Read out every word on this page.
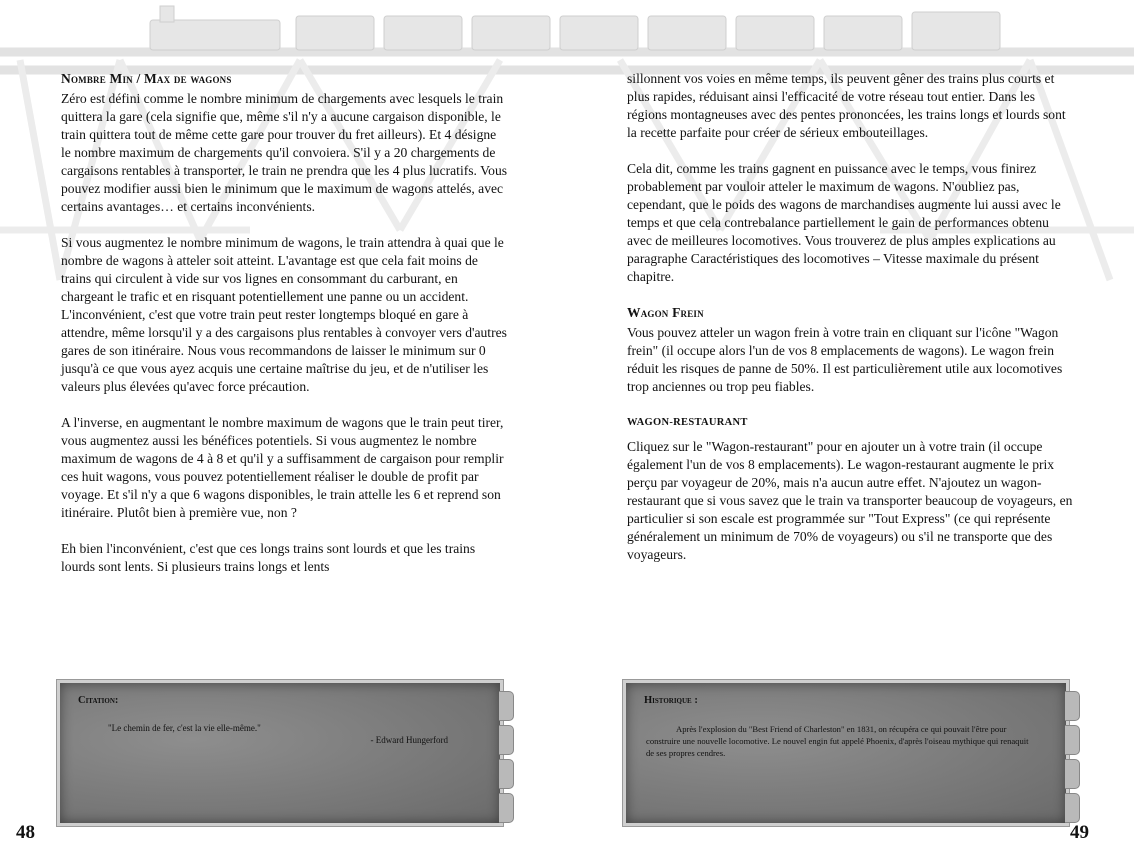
Nombre Min / Max de wagons

Zéro est défini comme le nombre minimum de chargements avec lesquels le train quittera la gare (cela signifie que, même s'il n'y a aucune cargaison disponible, le train quittera tout de même cette gare pour trouver du fret ailleurs). Et 4 désigne le nombre maximum de chargements qu'il convoiera. S'il y a 20 chargements de cargaisons rentables à transporter, le train ne prendra que les 4 plus lucratifs. Vous pouvez modifier aussi bien le minimum que le maximum de wagons attelés, avec certains avantages… et certains inconvénients.

Si vous augmentez le nombre minimum de wagons, le train attendra à quai que le nombre de wagons à atteler soit atteint. L'avantage est que cela fait moins de trains qui circulent à vide sur vos lignes en consommant du carburant, en chargeant le trafic et en risquant potentiellement une panne ou un accident. L'inconvénient, c'est que votre train peut rester longtemps bloqué en gare à attendre, même lorsqu'il y a des cargaisons plus rentables à convoyer vers d'autres gares de son itinéraire. Nous vous recommandons de laisser le minimum sur 0 jusqu'à ce que vous ayez acquis une certaine maîtrise du jeu, et de n'utiliser les valeurs plus élevées qu'avec force précaution.

A l'inverse, en augmentant le nombre maximum de wagons que le train peut tirer, vous augmentez aussi les bénéfices potentiels. Si vous augmentez le nombre maximum de wagons de 4 à 8 et qu'il y a suffisamment de cargaison pour remplir ces huit wagons, vous pouvez potentiellement réaliser le double de profit par voyage. Et s'il n'y a que 6 wagons disponibles, le train attelle les 6 et reprend son itinéraire. Plutôt bien à première vue, non ?

Eh bien l'inconvénient, c'est que ces longs trains sont lourds et que les trains lourds sont lents. Si plusieurs trains longs et lents

Citation:
"Le chemin de fer, c'est la vie elle-même."
- Edward Hungerford
48

sillonnent vos voies en même temps, ils peuvent gêner des trains plus courts et plus rapides, réduisant ainsi l'efficacité de votre réseau tout entier. Dans les régions montagneuses avec des pentes prononcées, les trains longs et lourds sont la recette parfaite pour créer de sérieux embouteillages.

Cela dit, comme les trains gagnent en puissance avec le temps, vous finirez probablement par vouloir atteler le maximum de wagons. N'oubliez pas, cependant, que le poids des wagons de marchandises augmente lui aussi avec le temps et que cela contrebalance partiellement le gain de performances obtenu avec de meilleures locomotives. Vous trouverez de plus amples explications au paragraphe Caractéristiques des locomotives – Vitesse maximale du présent chapitre.

Wagon Frein

Vous pouvez atteler un wagon frein à votre train en cliquant sur l'icône "Wagon frein" (il occupe alors l'un de vos 8 emplacements de wagons). Le wagon frein réduit les risques de panne de 50%. Il est particulièrement utile aux locomotives trop anciennes ou trop peu fiables.

WAGON-RESTAURANT

Cliquez sur le "Wagon-restaurant" pour en ajouter un à votre train (il occupe également l'un de vos 8 emplacements). Le wagon-restaurant augmente le prix perçu par voyageur de 20%, mais n'a aucun autre effet. N'ajoutez un wagon-restaurant que si vous savez que le train va transporter beaucoup de voyageurs, en particulier si son escale est programmée sur "Tout Express" (ce qui représente généralement un minimum de 70% de voyageurs) ou s'il ne transporte que des voyageurs.

Historique :
Après l'explosion du "Best Friend of Charleston" en 1831, on récupéra ce qui pouvait l'être pour construire une nouvelle locomotive. Le nouvel engin fut appelé Phoenix, d'après l'oiseau mythique qui renaquit de ses propres cendres.
49
